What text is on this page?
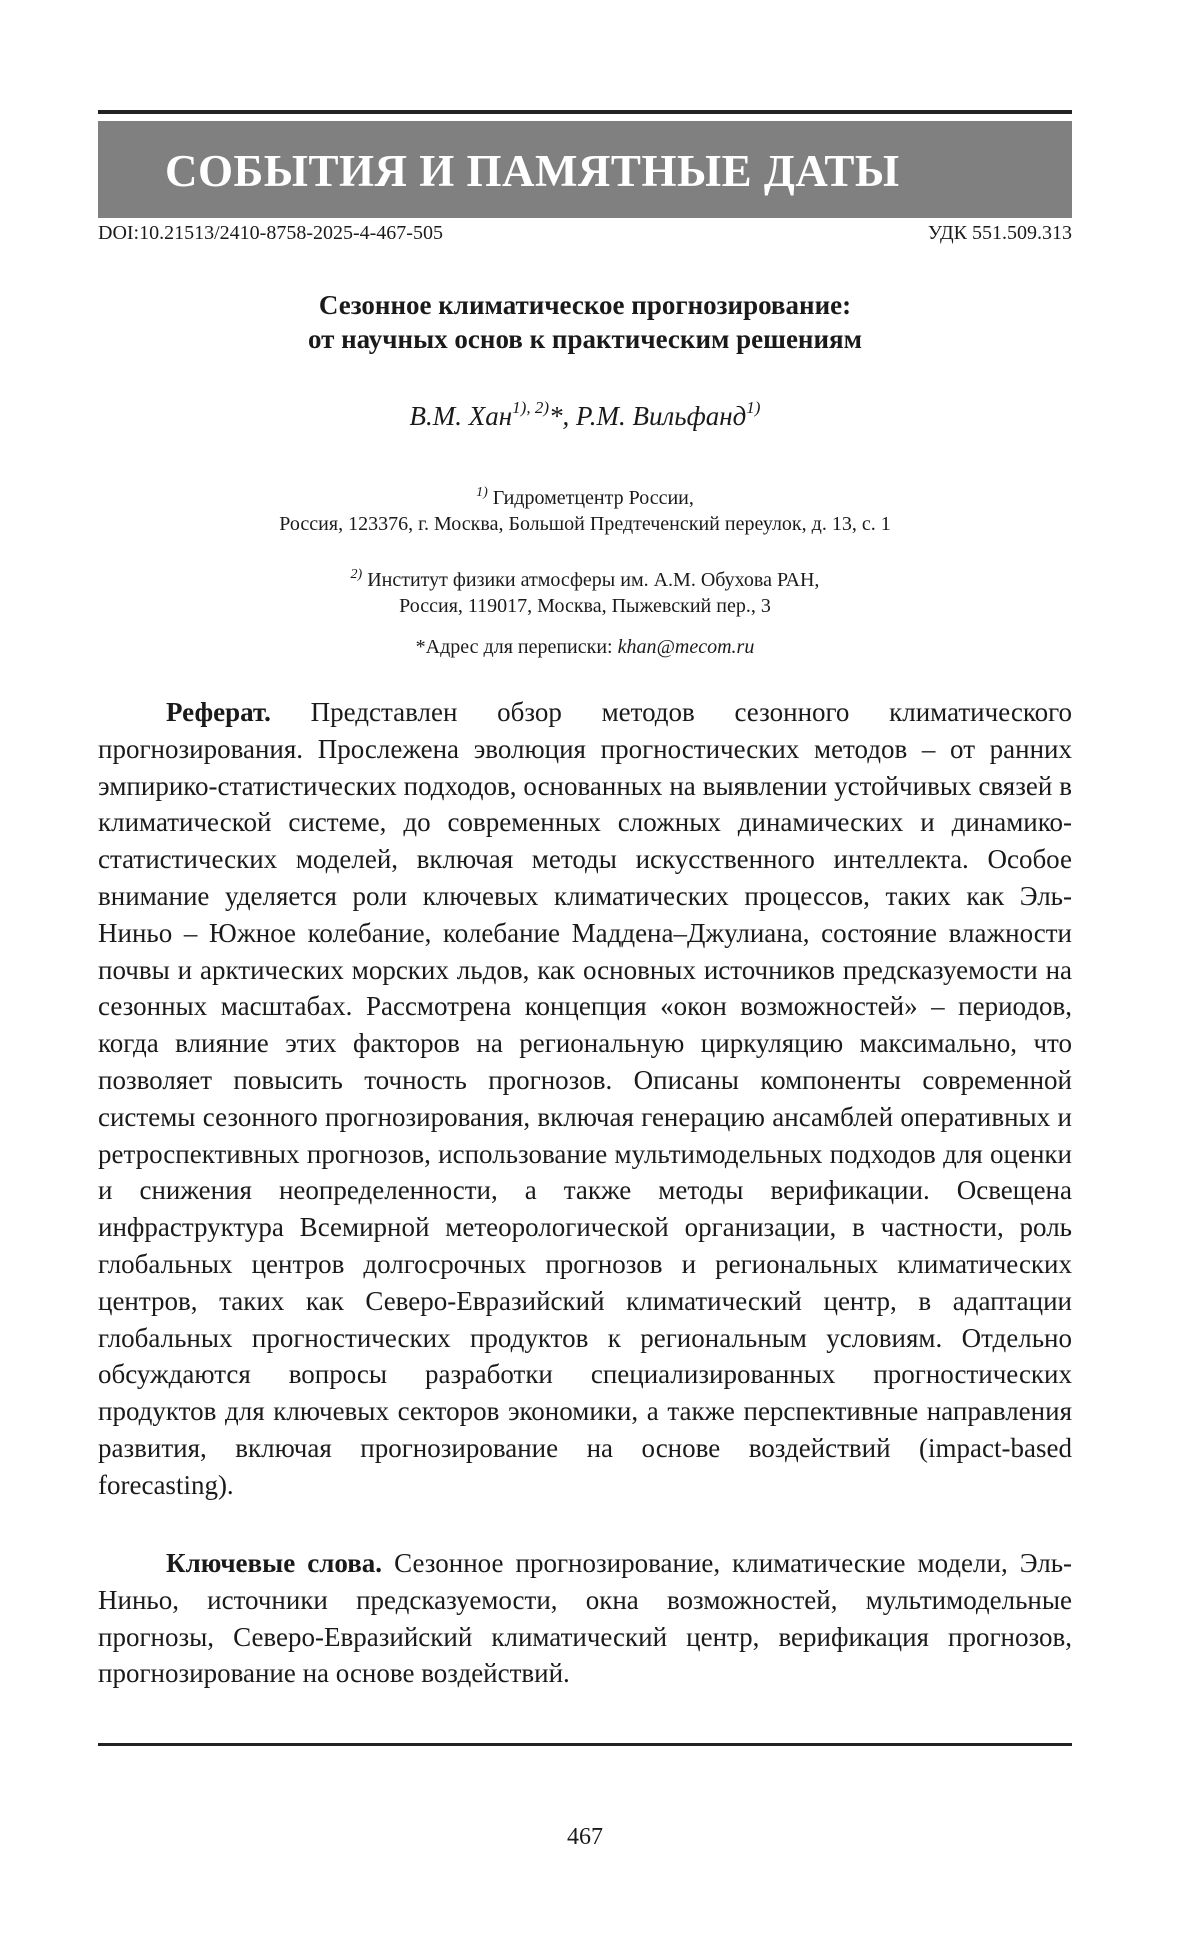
СОБЫТИЯ И ПАМЯТНЫЕ ДАТЫ
DOI:10.21513/2410-8758-2025-4-467-505	УДК 551.509.313
Сезонное климатическое прогнозирование:
от научных основ к практическим решениям
В.М. Хан$^{1), 2)}$*, Р.М. Вильфанд$^{1)}$
$^{1)}$ Гидрометцентр России,
Россия, 123376, г. Москва, Большой Предтеченский переулок, д. 13, с. 1
$^{2)}$ Институт физики атмосферы им. А.М. Обухова РАН,
Россия, 119017, Москва, Пыжевский пер., 3
*Адрес для переписки: khan@mecom.ru

Реферат. Представлен обзор методов сезонного климатического прогнозирования. Прослежена эволюция прогностических методов – от ранних эмпирико-статистических подходов, основанных на выявлении устойчивых связей в климатической системе, до современных сложных динамических и динамико-статистических моделей, включая методы искусственного интеллекта. Особое внимание уделяется роли ключевых климатических процессов, таких как Эль-Ниньо – Южное колебание, колебание Маддена–Джулиана, состояние влажности почвы и арктических морских льдов, как основных источников предсказуемости на сезонных масштабах. Рассмотрена концепция «окон возможностей» – периодов, когда влияние этих факторов на региональную циркуляцию максимально, что позволяет повысить точность прогнозов. Описаны компоненты современной системы сезонного прогнозирования, включая генерацию ансамблей оперативных и ретроспективных прогнозов, использование мультимодельных подходов для оценки и снижения неопределенности, а также методы верификации. Освещена инфраструктура Всемирной метеорологической организации, в частности, роль глобальных центров долгосрочных прогнозов и региональных климатических центров, таких как Северо-Евразийский климатический центр, в адаптации глобальных прогностических продуктов к региональным условиям. Отдельно обсуждаются вопросы разработки специализированных прогностических продуктов для ключевых секторов экономики, а также перспективные направления развития, включая прогнозирование на основе воздействий (impact-based forecasting).

Ключевые слова. Сезонное прогнозирование, климатические модели, Эль-Ниньо, источники предсказуемости, окна возможностей, мультимодельные прогнозы, Северо-Евразийский климатический центр, верификация прогнозов, прогнозирование на основе воздействий.

467
